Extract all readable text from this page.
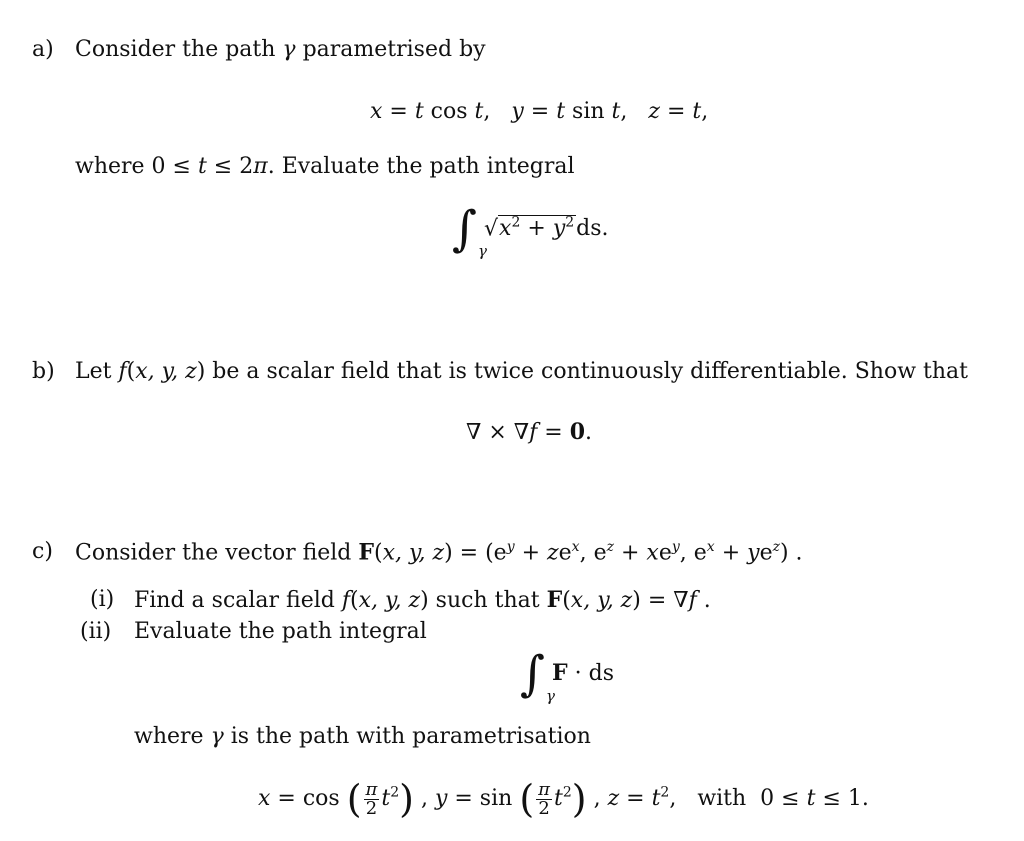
a) Consider the path γ parametrised by
x = t cos t,   y = t sin t,   z = t,
where 0 ≤ t ≤ 2π. Evaluate the path integral
∫ γ
$√x^2 + y^2ds$.
b) Let f(x, y, z) be a scalar field that is twice continuously differentiable. Show that
∇ × ∇f = 0.
c) Consider the vector field F(x, y, $z) = (e^y + ze^x$, $e^z + xe^y$, $e^x + ye^z$) .
(i) Find a scalar field f(x, y, z) such that F(x, y, z) = ∇f .
(ii) Evaluate the path integral
∫ γ
F · ds
where γ is the path with parametrisation
x = cos ( $\frac{\pi}{2} t^2$) , y = sin ( $\frac{\pi}{2} t^2$) , $z = t^2$,   with  0 ≤ t ≤ 1.
